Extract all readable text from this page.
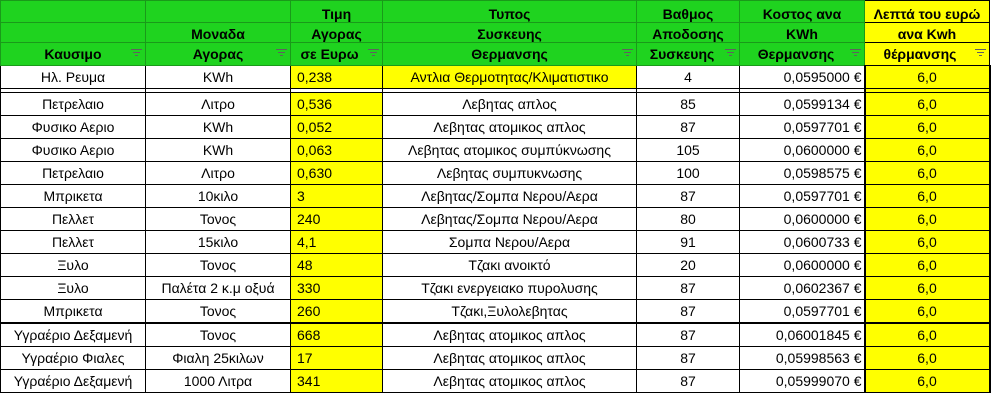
		Τιμη	Τυπος	Βαθμος	Κοστος ανα	Λεπτά του ευρώ
	Μοναδα	Αγορας	Συσκευης	Αποδοσης	KWh	ανα Kwh
Καυσιμο	Αγορας	σε Ευρω	Θερμανσης	Συσκευης	Θερμανσης	θέρμανσης

Ηλ. Ρευμα	KWh	0,238	Αντλια Θερμοτητας/Κλιματιστικο	4	0,0595000 €	6,0

Πετρελαιο	Λιτρο	0,536	Λεβητας απλος	85	0,0599134 €	6,0
Φυσικο Αεριο	KWh	0,052	Λεβητας ατομικος απλος	87	0,0597701 €	6,0
Φυσικο Αεριο	KWh	0,063	Λεβητας ατομικος συμπύκνωσης	105	0,0600000 €	6,0
Πετρελαιο	Λιτρο	0,630	Λεβητας συμπυκνωσης	100	0,0598575 €	6,0
Μπρικετα	10κιλο	3	Λεβητας/Σομπα Νερου/Αερα	87	0,0597701 €	6,0
Πελλετ	Τονος	240	Λεβητας/Σομπα Νερου/Αερα	80	0,0600000 €	6,0
Πελλετ	15κιλο	4,1	Σομπα Νερου/Αερα	91	0,0600733 €	6,0
Ξυλο	Τονος	48	Τζακι ανοικτό	20	0,0600000 €	6,0
Ξυλο	Παλέτα 2 κ.μ οξυά	330	Τζακι ενεργειακο πυρολυσης	87	0,0602367 €	6,0
Μπρικετα	Τονος	260	Τζακι,Ξυλολεβητας	87	0,0597701 €	6,0
Υγραέριο Δεξαμενή	Τονος	668	Λεβητας ατομικος απλος	87	0,06001845 €	6,0
Υγραέριο Φιαλες	Φιαλη 25κιλων	17	Λεβητας ατομικος απλος	87	0,05998563 €	6,0
Υγραέριο Δεξαμενή	1000 Λιτρα	341	Λεβητας ατομικος απλος	87	0,05999070 €	6,0
